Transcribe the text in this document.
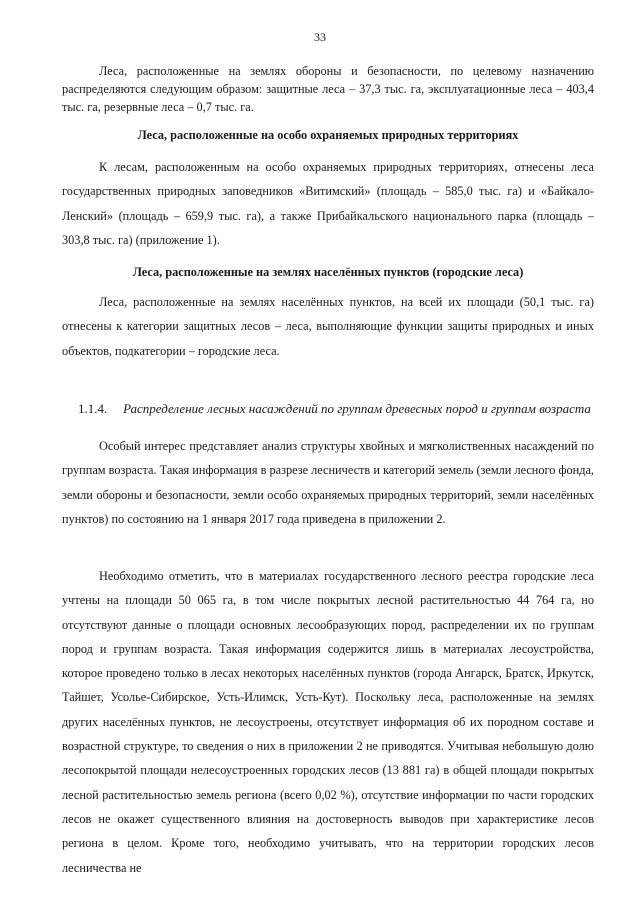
33

Леса, расположенные на землях обороны и безопасности, по целевому назначению распределяются следующим образом: защитные леса – 37,3 тыс. га, эксплуатационные леса – 403,4 тыс. га, резервные леса – 0,7 тыс. га.

Леса, расположенные на особо охраняемых природных территориях

К лесам, расположенным на особо охраняемых природных территориях, отнесены леса государственных природных заповедников «Витимский» (площадь – 585,0 тыс. га) и «Байкало-Ленский» (площадь – 659,9 тыс. га), а также Прибайкальского национального парка (площадь – 303,8 тыс. га) (приложение 1).

Леса, расположенные на землях населённых пунктов (городские леса)

Леса, расположенные на землях населённых пунктов, на всей их площади (50,1 тыс. га) отнесены к категории защитных лесов – леса, выполняющие функции защиты природных и иных объектов, подкатегории – городские леса.

1.1.4.	Распределение лесных насаждений по группам древесных пород и группам возраста

Особый интерес представляет анализ структуры хвойных и мягколиственных насаждений по группам возраста. Такая информация в разрезе лесничеств и категорий земель (земли лесного фонда, земли обороны и безопасности, земли особо охраняемых природных территорий, земли населённых пунктов) по состоянию на 1 января 2017 года приведена в приложении 2.

Необходимо отметить, что в материалах государственного лесного реестра городские леса учтены на площади 50 065 га, в том числе покрытых лесной растительностью 44 764 га, но отсутствуют данные о площади основных лесообразующих пород, распределении их по группам пород и группам возраста. Такая информация содержится лишь в материалах лесоустройства, которое проведено только в лесах некоторых населённых пунктов (города Ангарск, Братск, Иркутск, Тайшет, Усолье-Сибирское, Усть-Илимск, Усть-Кут). Поскольку леса, расположенные на землях других населённых пунктов, не лесоустроены, отсутствует информация об их породном составе и возрастной структуре, то сведения о них в приложении 2 не приводятся. Учитывая небольшую долю лесопокрытой площади нелесоустроенных городских лесов (13 881 га) в общей площади покрытых лесной растительностью земель региона (всего 0,02 %), отсутствие информации по части городских лесов не окажет существенного влияния на достоверность выводов при характеристике лесов региона в целом. Кроме того, необходимо учитывать, что на территории городских лесов лесничества не
